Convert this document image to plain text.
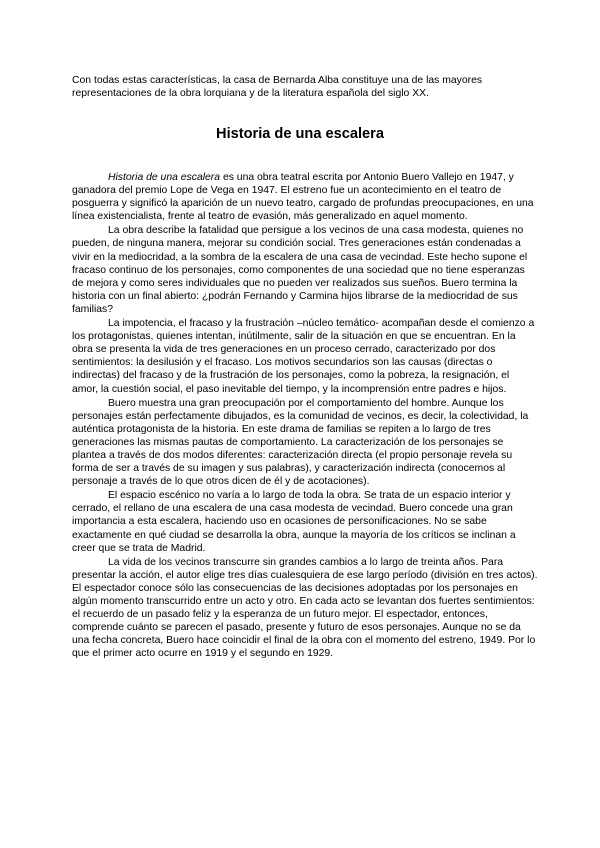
Con todas estas características, la casa de Bernarda Alba constituye una de las mayores representaciones de la obra lorquiana y de la literatura española del siglo XX.

Historia de una escalera

Historia de una escalera es una obra teatral escrita por Antonio Buero Vallejo en 1947, y ganadora del premio Lope de Vega en 1947. El estreno fue un acontecimiento en el teatro de posguerra y significó la aparición de un nuevo teatro, cargado de profundas preocupaciones, en una línea existencialista, frente al teatro de evasión, más generalizado en aquel momento.

La obra describe la fatalidad que persigue a los vecinos de una casa modesta, quienes no pueden, de ninguna manera, mejorar su condición social. Tres generaciones están condenadas a vivir en la mediocridad, a la sombra de la escalera de una casa de vecindad. Este hecho supone el fracaso continuo de los personajes, como componentes de una sociedad que no tiene esperanzas de mejora y como seres individuales que no pueden ver realizados sus sueños. Buero termina la historia con un final abierto: ¿podrán Fernando y Carmina hijos librarse de la mediocridad de sus familias?

La impotencia, el fracaso y la frustración –núcleo temático- acompañan desde el comienzo a los protagonistas, quienes intentan, inútilmente, salir de la situación en que se encuentran. En la obra se presenta la vida de tres generaciones en un proceso cerrado, caracterizado por dos sentimientos: la desilusión y el fracaso. Los motivos secundarios son las causas (directas o indirectas) del fracaso y de la frustración de los personajes, como la pobreza, la resignación, el amor, la cuestión social, el paso inevitable del tiempo, y la incomprensión entre padres e hijos.

Buero muestra una gran preocupación por el comportamiento del hombre. Aunque los personajes están perfectamente dibujados, es la comunidad de vecinos, es decir, la colectividad, la auténtica protagonista de la historia. En este drama de familias se repiten a lo largo de tres generaciones las mismas pautas de comportamiento. La caracterización de los personajes se plantea a través de dos modos diferentes: caracterización directa (el propio personaje revela su forma de ser a través de su imagen y sus palabras), y caracterización indirecta (conocemos al personaje a través de lo que otros dicen de él y de acotaciones).

El espacio escénico no varía a lo largo de toda la obra. Se trata de un espacio interior y cerrado, el rellano de una escalera de una casa modesta de vecindad. Buero concede una gran importancia a esta escalera, haciendo uso en ocasiones de personificaciones. No se sabe exactamente en qué ciudad se desarrolla la obra, aunque la mayoría de los críticos se inclinan a creer que se trata de Madrid.

La vida de los vecinos transcurre sin grandes cambios a lo largo de treinta años. Para presentar la acción, el autor elige tres días cualesquiera de ese largo período (división en tres actos). El espectador conoce sólo las consecuencias de las decisiones adoptadas por los personajes en algún momento transcurrido entre un acto y otro. En cada acto se levantan dos fuertes sentimientos: el recuerdo de un pasado feliz y la esperanza de un futuro mejor. El espectador, entonces, comprende cuánto se parecen el pasado, presente y futuro de esos personajes. Aunque no se da una fecha concreta, Buero hace coincidir el final de la obra con el momento del estreno, 1949. Por lo que el primer acto ocurre en 1919 y el segundo en 1929.
